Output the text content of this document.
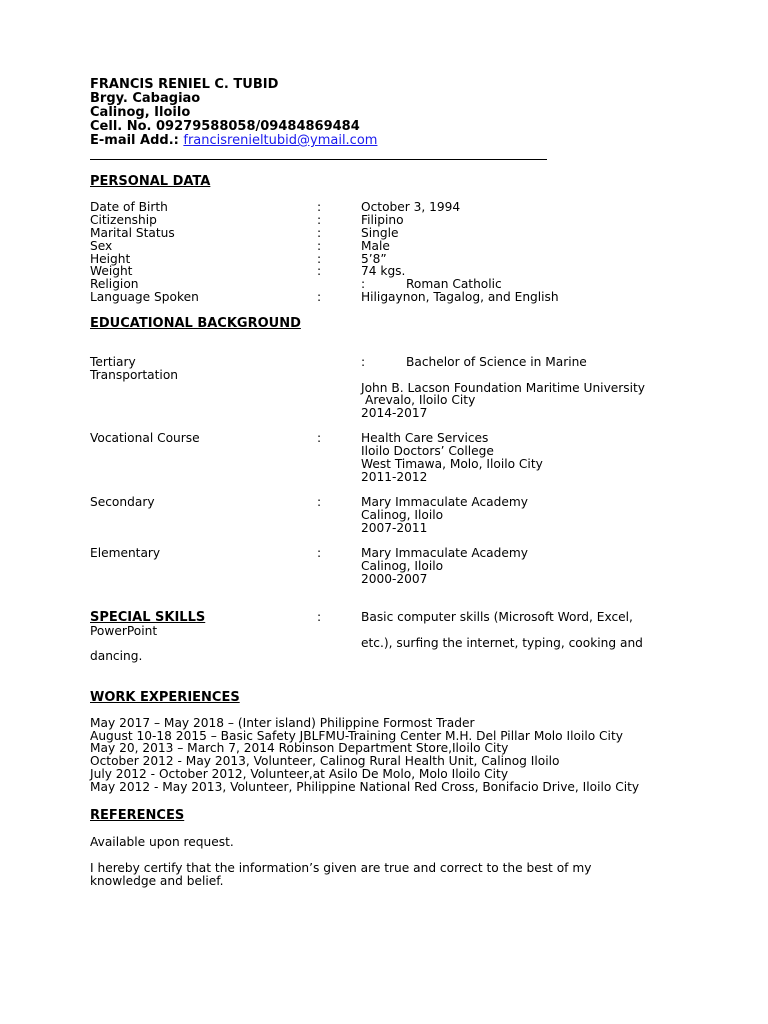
FRANCIS RENIEL C. TUBID
Brgy. Cabagiao
Calinog, Iloilo
Cell. No. 09279588058/09484869484
E-mail Add.: francisrenieltubid@ymail.com
PERSONAL DATA
Date of Birth	:	October 3, 1994
Citizenship	:	Filipino
Marital Status	:	Single
Sex	:	Male
Height	:	5’8”
Weight	:	74 kgs.
Religion	:	Roman Catholic
Language Spoken	:	Hiligaynon, Tagalog, and English
EDUCATIONAL BACKGROUND
Tertiary	:	Bachelor of Science in Marine
Transportation
John B. Lacson Foundation Maritime University
Arevalo, Iloilo City
2014-2017
Vocational Course	:	Health Care Services
Iloilo Doctors’ College
West Timawa, Molo, Iloilo City
2011-2012
Secondary	:	Mary Immaculate Academy
Calinog, Iloilo
2007-2011
Elementary	:	Mary Immaculate Academy
Calinog, Iloilo
2000-2007
SPECIAL SKILLS	:	Basic computer skills (Microsoft Word, Excel,
PowerPoint
etc.), surfing the internet, typing, cooking and
dancing.
WORK EXPERIENCES
May 2017 – May 2018 – (Inter island) Philippine Formost Trader
August 10-18 2015 – Basic Safety JBLFMU-Training Center M.H. Del Pillar Molo Iloilo City
May 20, 2013 – March 7, 2014 Robinson Department Store,Iloilo City
October 2012 - May 2013, Volunteer, Calinog Rural Health Unit, Calinog Iloilo
July 2012 - October 2012, Volunteer,at Asilo De Molo, Molo Iloilo City
May 2012 - May 2013, Volunteer, Philippine National Red Cross, Bonifacio Drive, Iloilo City
REFERENCES
Available upon request.
I hereby certify that the information’s given are true and correct to the best of my
knowledge and belief.
